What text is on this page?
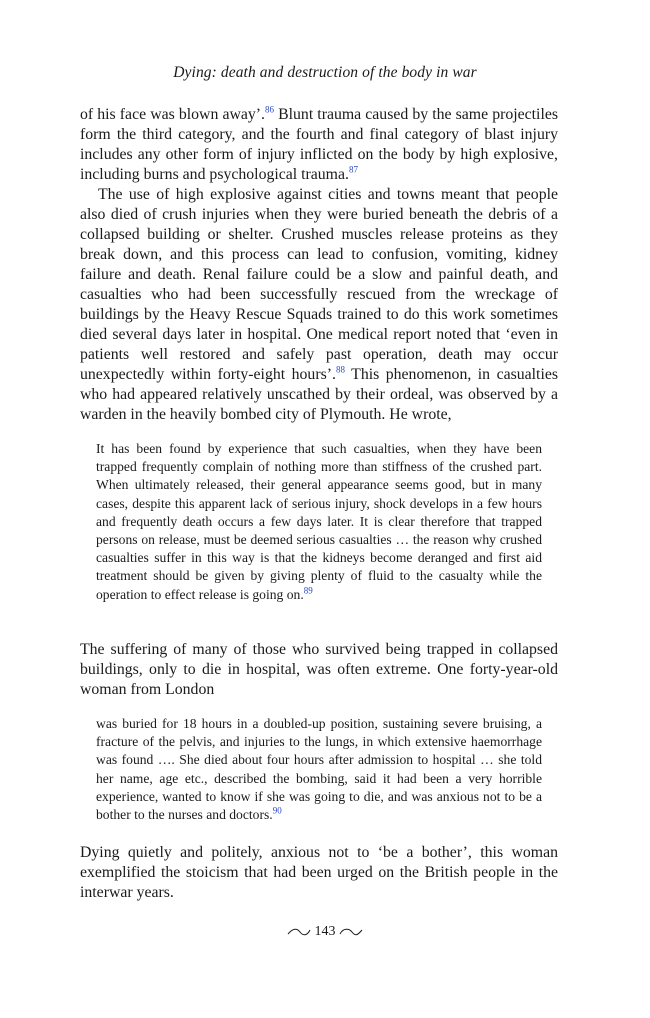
Dying: death and destruction of the body in war

of his face was blown away’.$^{86}$ Blunt trauma caused by the same projectiles form the third category, and the fourth and final category of blast injury includes any other form of injury inflicted on the body by high explosive, including burns and psychological trauma.$^{87}$

The use of high explosive against cities and towns meant that people also died of crush injuries when they were buried beneath the debris of a collapsed building or shelter. Crushed muscles release proteins as they break down, and this process can lead to confusion, vomiting, kidney failure and death. Renal failure could be a slow and painful death, and casualties who had been successfully rescued from the wreckage of buildings by the Heavy Rescue Squads trained to do this work sometimes died several days later in hospital. One medical report noted that ‘even in patients well restored and safely past operation, death may occur unexpectedly within forty-eight hours’.$^{88}$ This phenomenon, in casualties who had appeared relatively unscathed by their ordeal, was observed by a warden in the heavily bombed city of Plymouth. He wrote,

It has been found by experience that such casualties, when they have been trapped frequently complain of nothing more than stiffness of the crushed part. When ultimately released, their general appearance seems good, but in many cases, despite this apparent lack of serious injury, shock develops in a few hours and frequently death occurs a few days later. It is clear therefore that trapped persons on release, must be deemed serious casualties … the reason why crushed casualties suffer in this way is that the kidneys become deranged and first aid treatment should be given by giving plenty of fluid to the casualty while the operation to effect release is going on.$^{89}$

The suffering of many of those who survived being trapped in collapsed buildings, only to die in hospital, was often extreme. One forty-year-old woman from London

was buried for 18 hours in a doubled-up position, sustaining severe bruising, a fracture of the pelvis, and injuries to the lungs, in which extensive haemorrhage was found …. She died about four hours after admission to hospital … she told her name, age etc., described the bombing, said it had been a very horrible experience, wanted to know if she was going to die, and was anxious not to be a bother to the nurses and doctors.$^{90}$

Dying quietly and politely, anxious not to ‘be a bother’, this woman exemplified the stoicism that had been urged on the British people in the interwar years.

143
